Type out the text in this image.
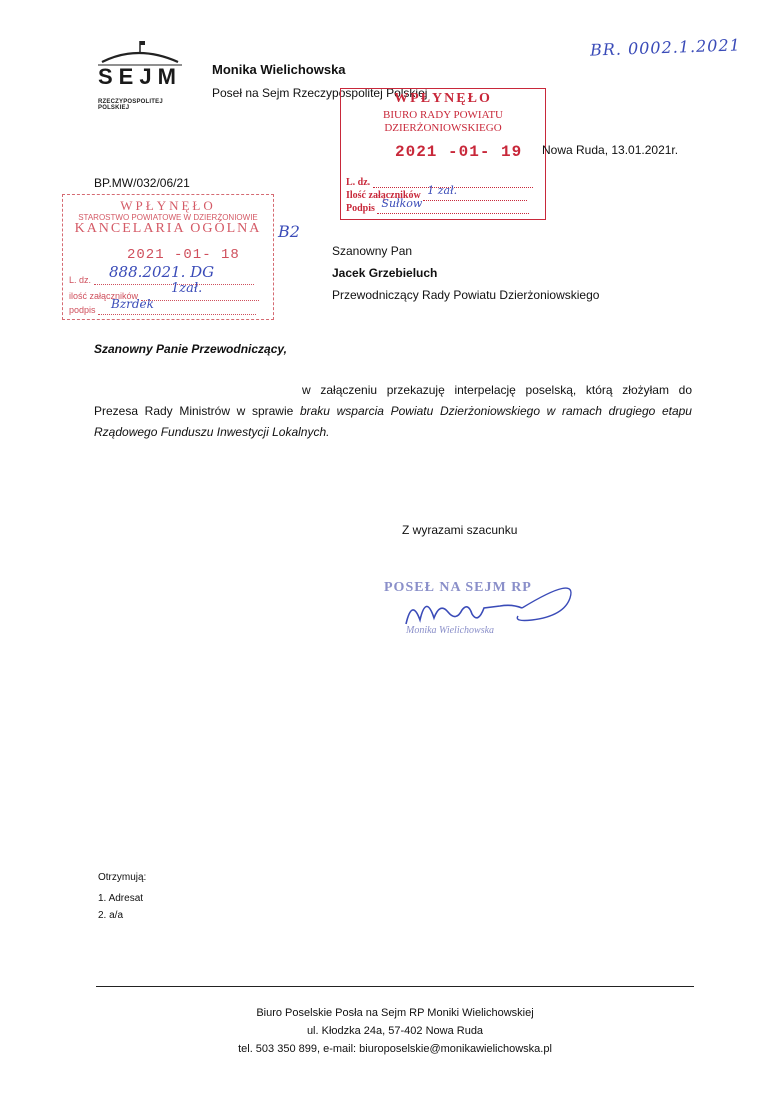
SEJM
RZECZYPOSPOLITEJ POLSKIEJ
Monika Wielichowska
Poseł na Sejm Rzeczypospolitej Polskiej
BR. 0002.1.2021
WPŁYNĘŁO
BIURO RADY POWIATU
DZIERŻONIOWSKIEGO
2021 -01- 19
L. dz.
Ilość załączników 1 zał.
Podpis Sułkow
Nowa Ruda, 13.01.2021r.
BP.MW/032/06/21
WPŁYNĘŁO
STAROSTWO POWIATOWE W DZIERŻONIOWIE
KANCELARIA OGÓLNA
2021 -01- 18
L. dz.
ilość załączników
podpis
888.2021. DG
1zał.
Bzrdek
B2
Szanowny Pan
Jacek Grzebieluch
Przewodniczący Rady Powiatu Dzierżoniowskiego
Szanowny Panie Przewodniczący,
w załączeniu przekazuję interpelację poselską, którą złożyłam do Prezesa Rady Ministrów w sprawie braku wsparcia Powiatu Dzierżoniowskiego w ramach drugiego etapu Rządowego Funduszu Inwestycji Lokalnych.
Z wyrazami szacunku
POSEŁ NA SEJM RP
Monika Wielichowska
Otrzymują:
1. Adresat
2. a/a
Biuro Poselskie Posła na Sejm RP Moniki Wielichowskiej
ul. Kłodzka 24a, 57-402 Nowa Ruda
tel. 503 350 899, e-mail: biuroposelskie@monikawielichowska.pl
